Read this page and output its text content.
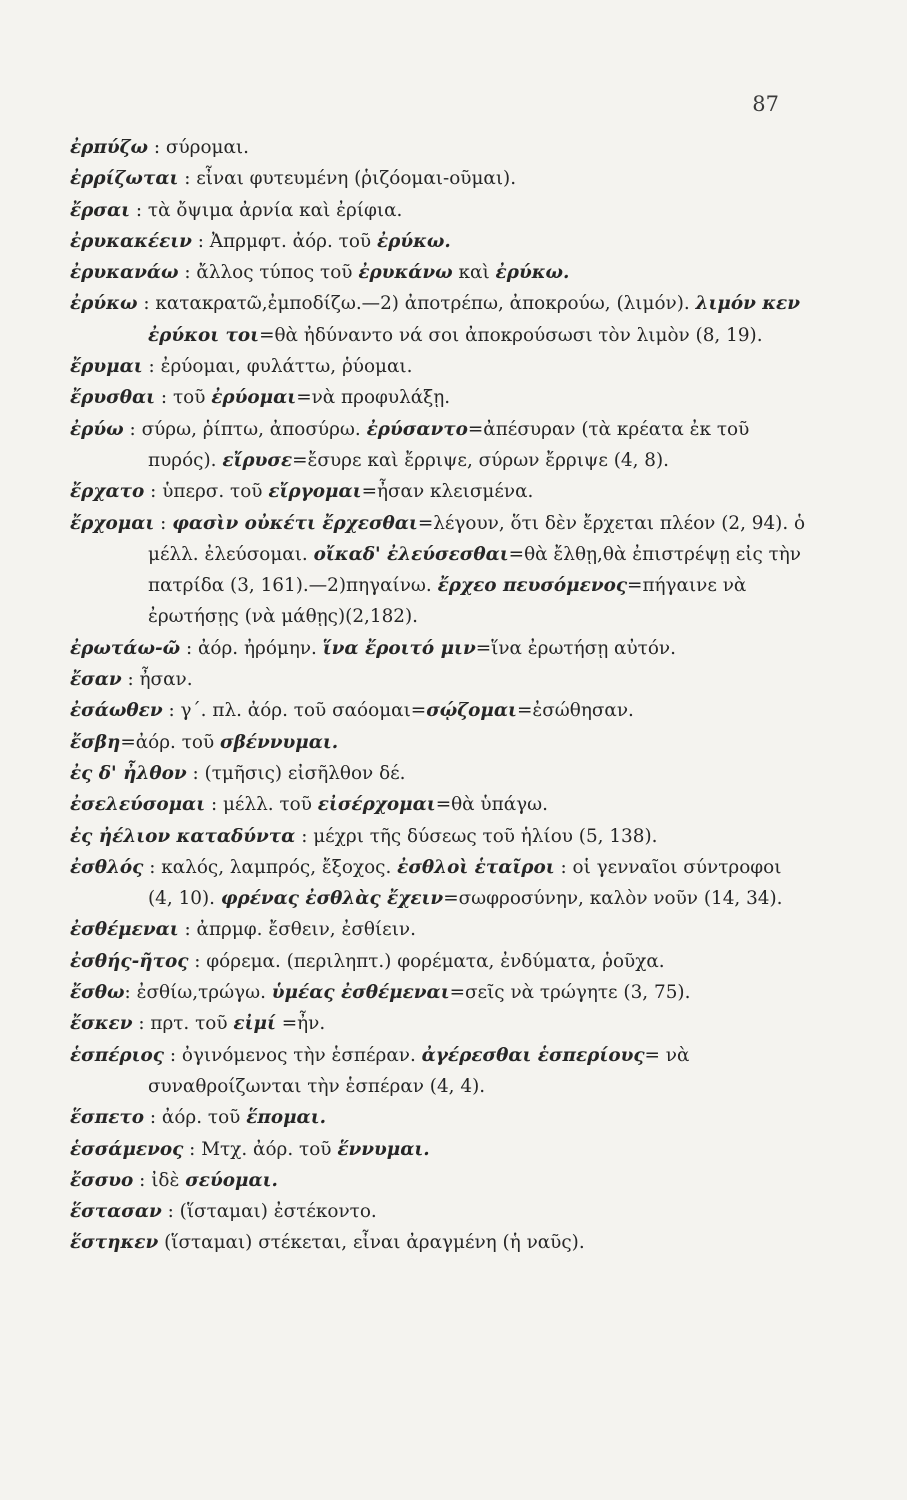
87

ἐρπύζω : σύρομαι.

ἐρρίζωται : εἶναι φυτευμένη (ῥιζόομαι-οῦμαι).

ἔρσαι : τὰ ὄψιμα ἀρνία καὶ ἐρίφια.

ἐρυκακέειν : Ἀπρμφτ. ἀόρ. τοῦ ἐρύκω.

ἐρυκανάω : ἄλλος τύπος τοῦ ἐρυκάνω καὶ ἐρύκω.

ἐρύκω : κατακρατῶ,ἐμποδίζω.—2) ἀποτρέπω, ἀποκρούω, (λιμόν). λιμόν κεν ἐρύκοι τοι=θὰ ἠδύναντο νά σοι ἀποκρούσωσι τὸν λιμὸν (8, 19).

ἔρυμαι : ἐρύομαι, φυλάττω, ῥύομαι.

ἔρυσθαι : τοῦ ἐρύομαι=νὰ προφυλάξῃ.

ἐρύω : σύρω, ῥίπτω, ἀποσύρω. ἐρύσαντο=ἀπέσυραν (τὰ κρέατα ἐκ τοῦ πυρός). εἴρυσε=ἔσυρε καὶ ἔρριψε, σύρων ἔρριψε (4, 8).

ἔρχατο : ὑπερσ. τοῦ εἴργομαι=ἦσαν κλεισμένα.

ἔρχομαι : φασὶν οὐκέτι ἔρχεσθαι=λέγουν, ὅτι δὲν ἔρχεται πλέον (2, 94). ὁ μέλλ. ἐλεύσομαι. οἴκαδ' ἐλεύσεσθαι=θὰ ἔλθῃ,θὰ ἐπιστρέψῃ εἰς τὴν πατρίδα (3, 161).—2)πηγαίνω. ἔρχεο πευσόμενος=πήγαινε νὰ ἐρωτήσῃς (νὰ μάθῃς)(2,182).

ἐρωτάω-ῶ : ἀόρ. ἠρόμην. ἵνα ἔροιτό μιν=ἵνα ἐρωτήσῃ αὐτόν.

ἔσαν : ἦσαν.

ἐσάωθεν : γ΄. πλ. ἀόρ. τοῦ σαόομαι=σῴζομαι=ἐσώθησαν.

ἔσβη=ἀόρ. τοῦ σβέννυμαι.

ἐς δ' ἦλθον : (τμῆσις) εἰσῆλθον δέ.

ἐσελεύσομαι : μέλλ. τοῦ εἰσέρχομαι=θὰ ὑπάγω.

ἐς ἠέλιον καταδύντα : μέχρι τῆς δύσεως τοῦ ἡλίου (5, 138).

ἐσθλός : καλός, λαμπρός, ἔξοχος. ἐσθλοὶ ἑταῖροι : οἱ γενναῖοι σύντροφοι (4, 10). φρένας ἐσθλὰς ἔχειν=σωφροσύνην, καλὸν νοῦν (14, 34).

ἐσθέμεναι : ἀπρμφ. ἔσθειν, ἐσθίειν.

ἐσθής-ῆτος : φόρεμα. (περιληπτ.) φορέματα, ἐνδύματα, ῥοῦχα.

ἔσθω: ἐσθίω,τρώγω. ὑμέας ἐσθέμεναι=σεῖς νὰ τρώγητε (3, 75).

ἔσκεν : πρτ. τοῦ εἰμί =ἦν.

ἑσπέριος : ὀγινόμενος τὴν ἑσπέραν. ἀγέρεσθαι ἑσπερίους= νὰ συναθροίζωνται τὴν ἑσπέραν (4, 4).

ἕσπετο : ἀόρ. τοῦ ἕπομαι.

ἑσσάμενος : Μτχ. ἀόρ. τοῦ ἕννυμαι.

ἔσσυο : ἰδὲ σεύομαι.

ἕστασαν : (ἵσταμαι) ἐστέκοντο.

ἕστηκεν (ἵσταμαι) στέκεται, εἶναι ἀραγμένη (ἡ ναῦς).
